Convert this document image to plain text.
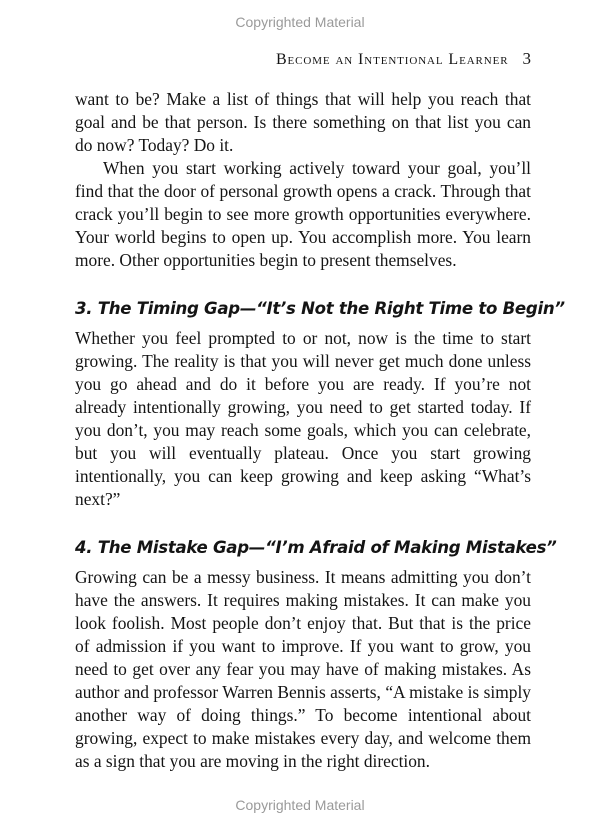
Copyrighted Material
Become an Intentional Learner 3

want to be? Make a list of things that will help you reach that goal and be that person. Is there something on that list you can do now? Today? Do it.

When you start working actively toward your goal, you’ll find that the door of personal growth opens a crack. Through that crack you’ll begin to see more growth opportunities everywhere. Your world begins to open up. You accomplish more. You learn more. Other opportunities begin to present themselves.

3. The Timing Gap—“It’s Not the Right Time to Begin”

Whether you feel prompted to or not, now is the time to start growing. The reality is that you will never get much done unless you go ahead and do it before you are ready. If you’re not already intentionally growing, you need to get started today. If you don’t, you may reach some goals, which you can celebrate, but you will eventually plateau. Once you start growing intentionally, you can keep growing and keep asking “What’s next?”

4. The Mistake Gap—“I’m Afraid of Making Mistakes”

Growing can be a messy business. It means admitting you don’t have the answers. It requires making mistakes. It can make you look foolish. Most people don’t enjoy that. But that is the price of admission if you want to improve. If you want to grow, you need to get over any fear you may have of making mistakes. As author and professor Warren Bennis asserts, “A mistake is simply another way of doing things.” To become intentional about growing, expect to make mistakes every day, and welcome them as a sign that you are moving in the right direction.

Copyrighted Material
